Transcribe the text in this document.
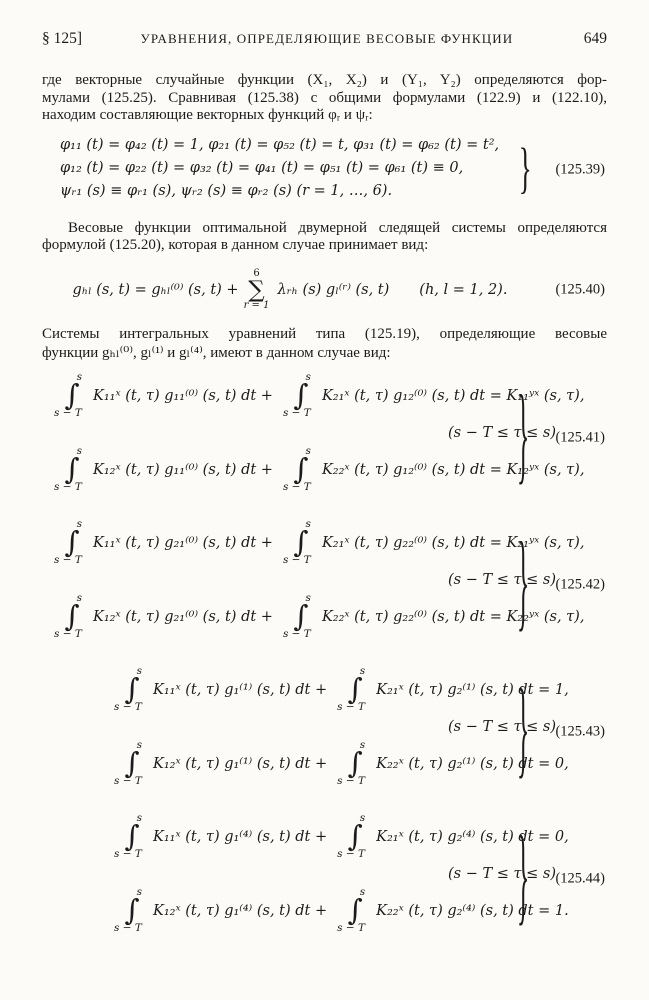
§ 125]	УРАВНЕНИЯ, ОПРЕДЕЛЯЮЩИЕ ВЕСОВЫЕ ФУНКЦИИ	649
где векторные случайные функции (X₁, X₂) и (Y₁, Y₂) определяются фор-
мулами (125.25). Сравнивая (125.38) с общими формулами (122.9) и (122.10),
находим составляющие векторных функций φᵣ и ψᵣ:
φ₁₁ (t) = φ₄₂ (t) = 1, φ₂₁ (t) = φ₅₂ (t) = t, φ₃₁ (t) = φ₆₂ (t) = t²,
φ₁₂ (t) = φ₂₂ (t) = φ₃₂ (t) = φ₄₁ (t) = φ₅₁ (t) = φ₆₁ (t) ≡ 0,
ψᵣ₁ (s) ≡ φᵣ₁ (s), ψᵣ₂ (s) ≡ φᵣ₂ (s) (r = 1, …, 6).	} (125.39)
Весовые функции оптимальной двумерной следящей системы определяются
формулой (125.20), которая в данном случае принимает вид:
gₕₗ (s, t) = gₕₗ⁽⁰⁾ (s, t) +
6
∑
r = 1
λᵣₕ (s) gₗ⁽ʳ⁾ (s, t) (h, l = 1, 2).	(125.40)
Системы интегральных уравнений типа (125.19), определяющие весовые
функции gₕₗ⁽⁰⁾, gₗ⁽¹⁾ и gₗ⁽⁴⁾, имеют в данном случае вид:
s
∫
s − T
K₁₁ˣ (t, τ) g₁₁⁽⁰⁾ (s, t) dt +
s
∫
s − T
K₂₁ˣ (t, τ) g₁₂⁽⁰⁾ (s, t) dt = K₁₁ʸˣ (s, τ),
(s − T ≤ τ ≤ s)
s
∫
s − T
K₁₂ˣ (t, τ) g₁₁⁽⁰⁾ (s, t) dt +
s
∫
s − T
K₂₂ˣ (t, τ) g₁₂⁽⁰⁾ (s, t) dt = K₁₂ʸˣ (s, τ),
} (125.41)
s
∫
s − T
K₁₁ˣ (t, τ) g₂₁⁽⁰⁾ (s, t) dt +
s
∫
s − T
K₂₁ˣ (t, τ) g₂₂⁽⁰⁾ (s, t) dt = K₂₁ʸˣ (s, τ),
(s − T ≤ τ ≤ s)
s
∫
s − T
K₁₂ˣ (t, τ) g₂₁⁽⁰⁾ (s, t) dt +
s
∫
s − T
K₂₂ˣ (t, τ) g₂₂⁽⁰⁾ (s, t) dt = K₂₂ʸˣ (s, τ),
} (125.42)
s
∫
s − T
K₁₁ˣ (t, τ) g₁⁽¹⁾ (s, t) dt +
s
∫
s − T
K₂₁ˣ (t, τ) g₂⁽¹⁾ (s, t) dt = 1,
(s − T ≤ τ ≤ s)
s
∫
s − T
K₁₂ˣ (t, τ) g₁⁽¹⁾ (s, t) dt +
s
∫
s − T
K₂₂ˣ (t, τ) g₂⁽¹⁾ (s, t) dt = 0,
} (125.43)
s
∫
s − T
K₁₁ˣ (t, τ) g₁⁽⁴⁾ (s, t) dt +
s
∫
s − T
K₂₁ˣ (t, τ) g₂⁽⁴⁾ (s, t) dt = 0,
(s − T ≤ τ ≤ s)
s
∫
s − T
K₁₂ˣ (t, τ) g₁⁽⁴⁾ (s, t) dt +
s
∫
s − T
K₂₂ˣ (t, τ) g₂⁽⁴⁾ (s, t) dt = 1.
} (125.44)
